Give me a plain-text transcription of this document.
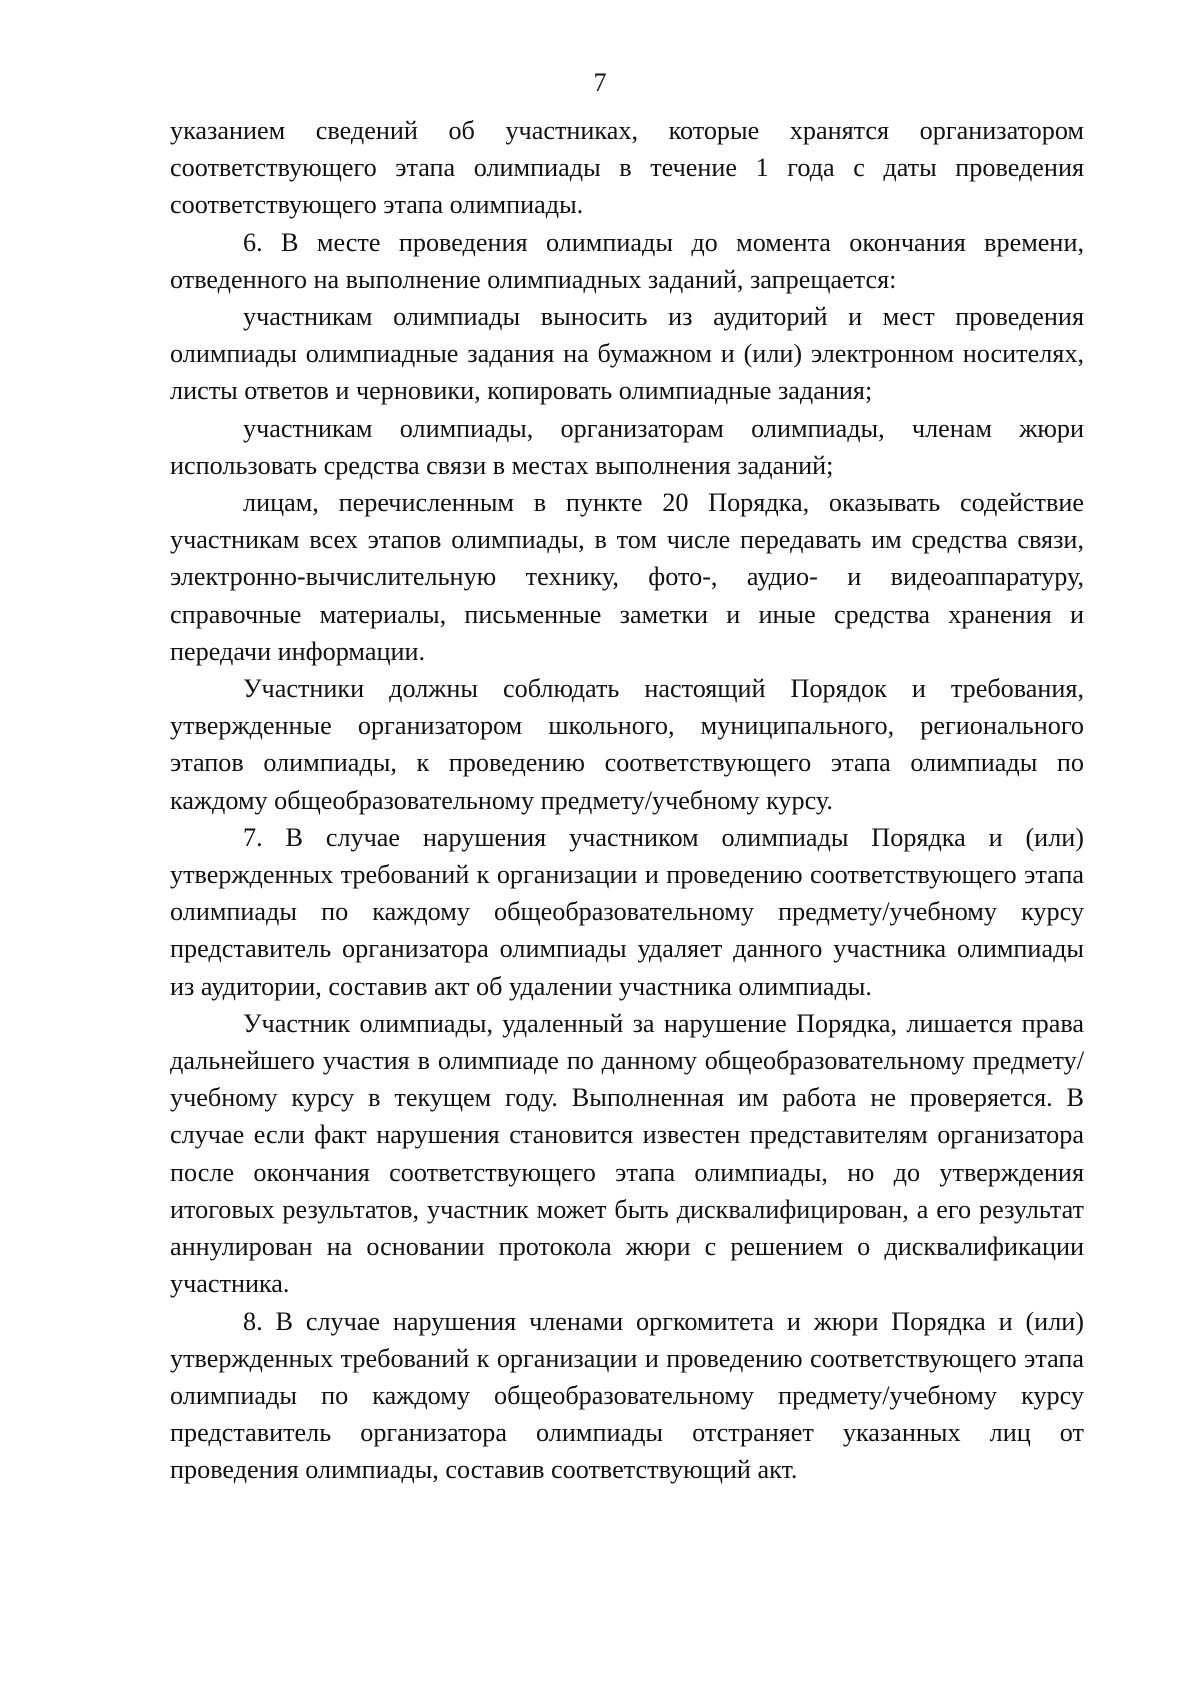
7

указанием сведений об участниках, которые хранятся организатором соответствующего этапа олимпиады в течение 1 года с даты проведения соответствующего этапа олимпиады.

6. В месте проведения олимпиады до момента окончания времени, отведенного на выполнение олимпиадных заданий, запрещается:

участникам олимпиады выносить из аудиторий и мест проведения олимпиады олимпиадные задания на бумажном и (или) электронном носителях, листы ответов и черновики, копировать олимпиадные задания;

участникам олимпиады, организаторам олимпиады, членам жюри использовать средства связи в местах выполнения заданий;

лицам, перечисленным в пункте 20 Порядка, оказывать содействие участникам всех этапов олимпиады, в том числе передавать им средства связи, электронно-вычислительную технику, фото-, аудио- и видеоаппаратуру, справочные материалы, письменные заметки и иные средства хранения и передачи информации.

Участники должны соблюдать настоящий Порядок и требования, утвержденные организатором школьного, муниципального, регионального этапов олимпиады, к проведению соответствующего этапа олимпиады по каждому общеобразовательному предмету/учебному курсу.

7. В случае нарушения участником олимпиады Порядка и (или) утвержденных требований к организации и проведению соответствующего этапа олимпиады по каждому общеобразовательному предмету/учебному курсу представитель организатора олимпиады удаляет данного участника олимпиады из аудитории, составив акт об удалении участника олимпиады.

Участник олимпиады, удаленный за нарушение Порядка, лишается права дальнейшего участия в олимпиаде по данному общеобразовательному предмету/учебному курсу в текущем году. Выполненная им работа не проверяется. В случае если факт нарушения становится известен представителям организатора после окончания соответствующего этапа олимпиады, но до утверждения итоговых результатов, участник может быть дисквалифицирован, а его результат аннулирован на основании протокола жюри с решением о дисквалификации участника.

8. В случае нарушения членами оргкомитета и жюри Порядка и (или) утвержденных требований к организации и проведению соответствующего этапа олимпиады по каждому общеобразовательному предмету/учебному курсу представитель организатора олимпиады отстраняет указанных лиц от проведения олимпиады, составив соответствующий акт.
